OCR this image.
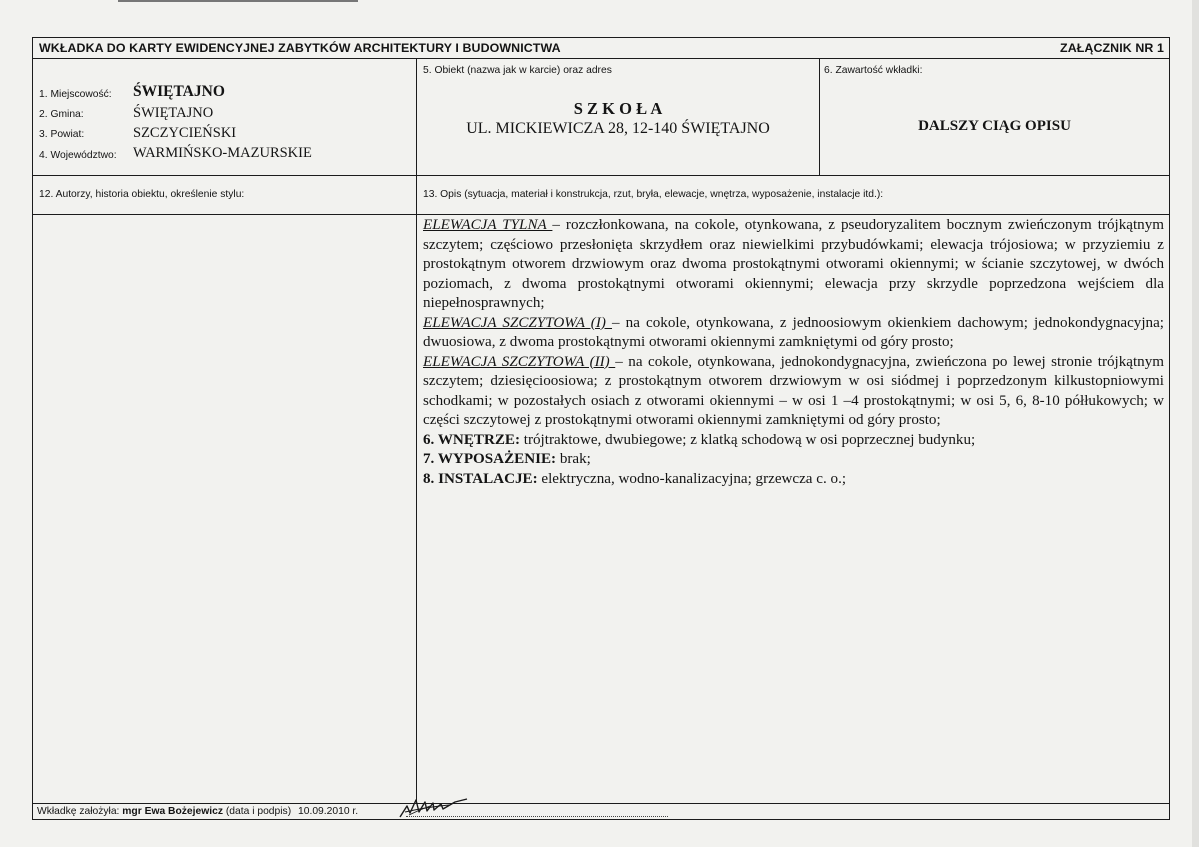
WKŁADKA DO KARTY EWIDENCYJNEJ ZABYTKÓW ARCHITEKTURY I BUDOWNICTWA	ZAŁĄCZNIK NR 1
1. Miejscowość: ŚWIĘTAJNO
2. Gmina:	ŚWIĘTAJNO
3. Powiat:	SZCZYCIEŃSKI
4. Województwo: WARMIŃSKO-MAZURSKIE
5. Obiekt (nazwa jak w karcie) oraz adres
S Z K O Ł A
UL. MICKIEWICZA 28, 12-140 ŚWIĘTAJNO
6. Zawartość wkładki:
DALSZY CIĄG OPISU
12. Autorzy, historia obiektu, określenie stylu:	13. Opis (sytuacja, materiał i konstrukcja, rzut, bryła, elewacje, wnętrza, wyposażenie, instalacje itd.):

ELEWACJA TYLNA – rozczłonkowana, na cokole, otynkowana, z pseudoryzalitem bocznym zwieńczonym trójkątnym szczytem; częściowo przesłonięta skrzydłem oraz niewielkimi przybudówkami; elewacja trójosiowa; w przyziemiu z prostokątnym otworem drzwiowym oraz dwoma prostokątnymi otworami okiennymi; w ścianie szczytowej, w dwóch poziomach, z dwoma prostokątnymi otworami okiennymi; elewacja przy skrzydle poprzedzona wejściem dla niepełnosprawnych;

ELEWACJA SZCZYTOWA (I) – na cokole, otynkowana, z jednoosiowym okienkiem dachowym; jednokondygnacyjna; dwuosiowa, z dwoma prostokątnymi otworami okiennymi zamkniętymi od góry prosto;

ELEWACJA SZCZYTOWA (II) – na cokole, otynkowana, jednokondygnacyjna, zwieńczona po lewej stronie trójkątnym szczytem; dziesięcioosiowa; z prostokątnym otworem drzwiowym w osi siódmej i poprzedzonym kilkustopniowymi schodkami; w pozostałych osiach z otworami okiennymi – w osi 1 –4 prostokątnymi; w osi 5, 6, 8-10 półłukowych; w części szczytowej z prostokątnymi otworami okiennymi zamkniętymi od góry prosto;

6. WNĘTRZE: trójtraktowe, dwubiegowe; z klatką schodową w osi poprzecznej budynku;

7. WYPOSAŻENIE: brak;

8. INSTALACJE: elektryczna, wodno-kanalizacyjna; grzewcza c. o.;

Wkładkę założyła: mgr Ewa Bożejewicz (data i podpis) 10.09.2010 r.
